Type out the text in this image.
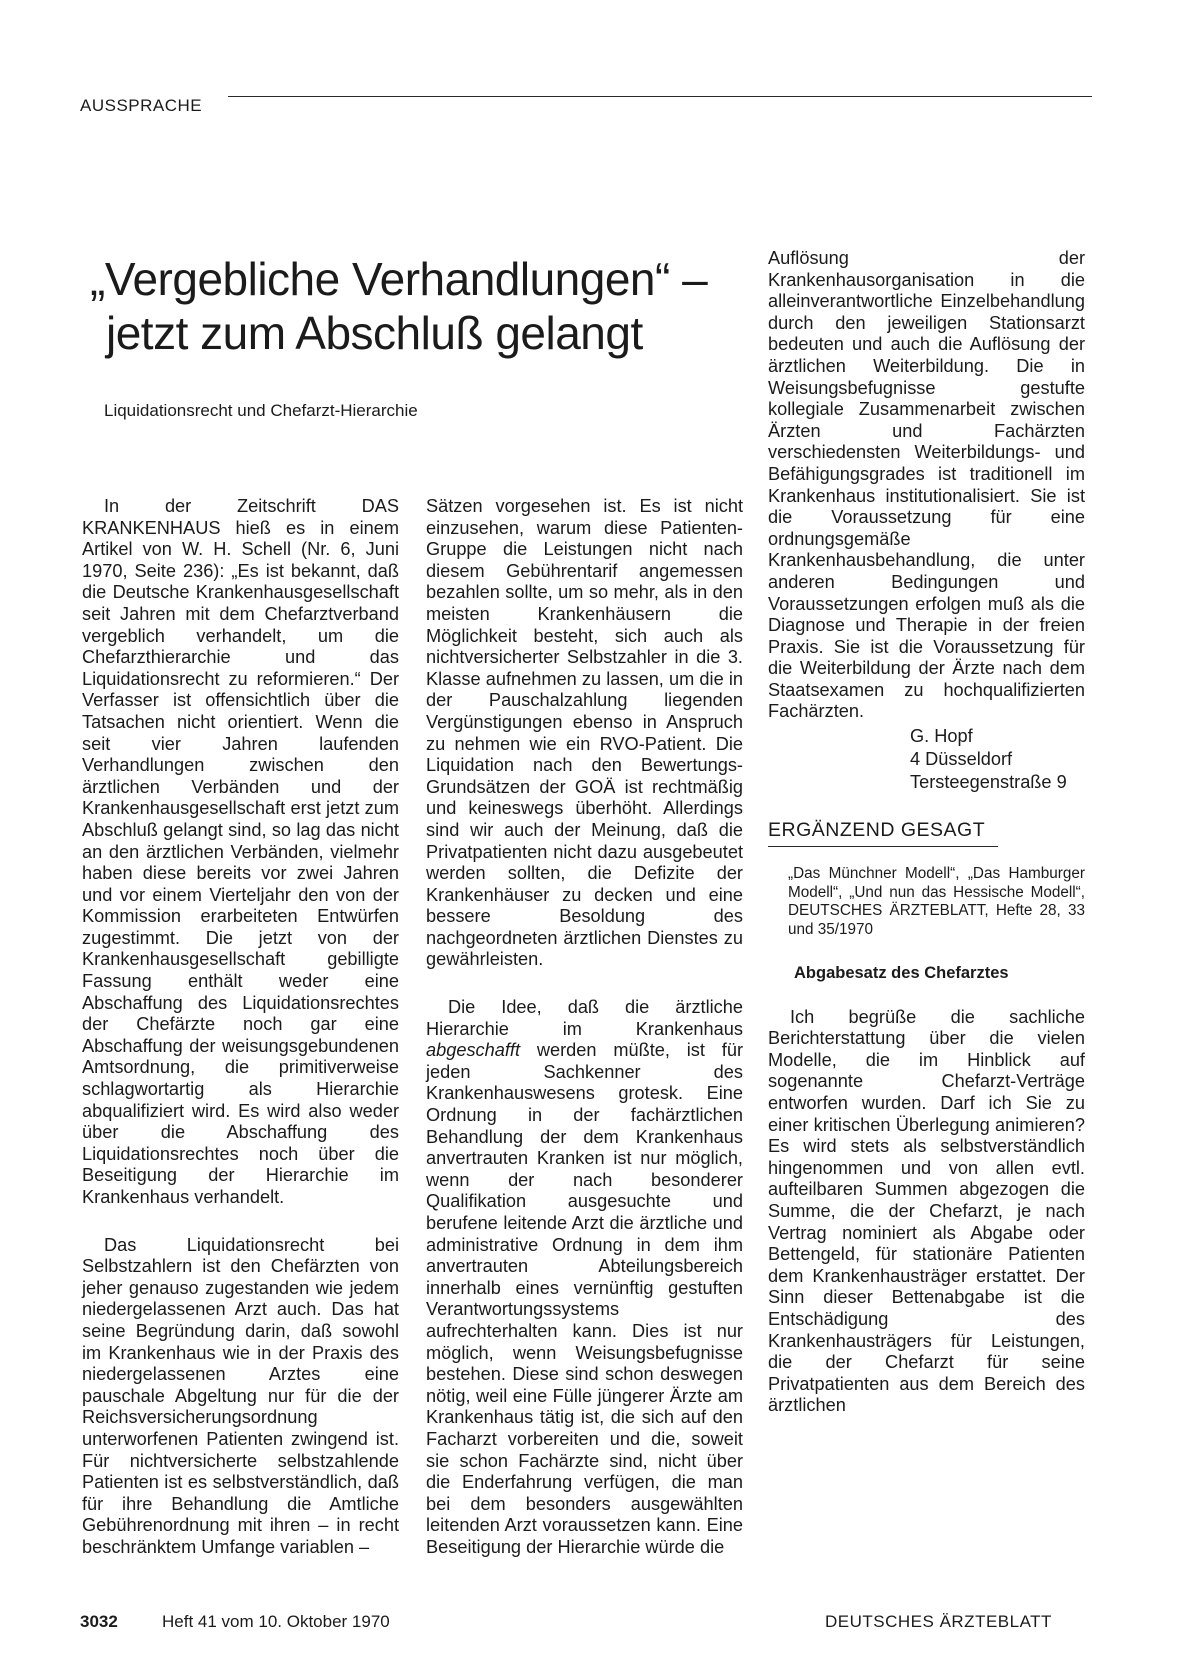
AUSSPRACHE
„Vergebliche Verhandlungen“ –
jetzt zum Abschluß gelangt
Liquidationsrecht und Chefarzt-Hierarchie

In der Zeitschrift DAS KRANKENHAUS hieß es in einem Artikel von W. H. Schell (Nr. 6, Juni 1970, Seite 236): „Es ist bekannt, daß die Deutsche Krankenhausgesellschaft seit Jahren mit dem Chefarztverband vergeblich verhandelt, um die Chefarzthierarchie und das Liquidationsrecht zu reformieren.“ Der Verfasser ist offensichtlich über die Tatsachen nicht orientiert. Wenn die seit vier Jahren laufenden Verhandlungen zwischen den ärztlichen Verbänden und der Krankenhausgesellschaft erst jetzt zum Abschluß gelangt sind, so lag das nicht an den ärztlichen Verbänden, vielmehr haben diese bereits vor zwei Jahren und vor einem Vierteljahr den von der Kommission erarbeiteten Entwürfen zugestimmt. Die jetzt von der Krankenhausgesellschaft gebilligte Fassung enthält weder eine Abschaffung des Liquidationsrechtes der Chefärzte noch gar eine Abschaffung der weisungsgebundenen Amtsordnung, die primitiverweise schlagwortartig als Hierarchie abqualifiziert wird. Es wird also weder über die Abschaffung des Liquidationsrechtes noch über die Beseitigung der Hierarchie im Krankenhaus verhandelt.

Das Liquidationsrecht bei Selbstzahlern ist den Chefärzten von jeher genauso zugestanden wie jedem niedergelassenen Arzt auch. Das hat seine Begründung darin, daß sowohl im Krankenhaus wie in der Praxis des niedergelassenen Arztes eine pauschale Abgeltung nur für die der Reichsversicherungsordnung unterworfenen Patienten zwingend ist. Für nichtversicherte selbstzahlende Patienten ist es selbstverständlich, daß für ihre Behandlung die Amtliche Gebührenordnung mit ihren – in recht beschränktem Umfange variablen –

Sätzen vorgesehen ist. Es ist nicht einzusehen, warum diese Patienten-Gruppe die Leistungen nicht nach diesem Gebührentarif angemessen bezahlen sollte, um so mehr, als in den meisten Krankenhäusern die Möglichkeit besteht, sich auch als nichtversicherter Selbstzahler in die 3. Klasse aufnehmen zu lassen, um die in der Pauschalzahlung liegenden Vergünstigungen ebenso in Anspruch zu nehmen wie ein RVO-Patient. Die Liquidation nach den Bewertungs-Grundsätzen der GOÄ ist rechtmäßig und keineswegs überhöht. Allerdings sind wir auch der Meinung, daß die Privatpatienten nicht dazu ausgebeutet werden sollten, die Defizite der Krankenhäuser zu decken und eine bessere Besoldung des nachgeordneten ärztlichen Dienstes zu gewährleisten.

Die Idee, daß die ärztliche Hierarchie im Krankenhaus abgeschafft werden müßte, ist für jeden Sachkenner des Krankenhauswesens grotesk. Eine Ordnung in der fachärztlichen Behandlung der dem Krankenhaus anvertrauten Kranken ist nur möglich, wenn der nach besonderer Qualifikation ausgesuchte und berufene leitende Arzt die ärztliche und administrative Ordnung in dem ihm anvertrauten Abteilungsbereich innerhalb eines vernünftig gestuften Verantwortungssystems aufrechterhalten kann. Dies ist nur möglich, wenn Weisungsbefugnisse bestehen. Diese sind schon deswegen nötig, weil eine Fülle jüngerer Ärzte am Krankenhaus tätig ist, die sich auf den Facharzt vorbereiten und die, soweit sie schon Fachärzte sind, nicht über die Enderfahrung verfügen, die man bei dem besonders ausgewählten leitenden Arzt voraussetzen kann. Eine Beseitigung der Hierarchie würde die

Auflösung der Krankenhausorganisation in die alleinverantwortliche Einzelbehandlung durch den jeweiligen Stationsarzt bedeuten und auch die Auflösung der ärztlichen Weiterbildung. Die in Weisungsbefugnisse gestufte kollegiale Zusammenarbeit zwischen Ärzten und Fachärzten verschiedensten Weiterbildungs- und Befähigungsgrades ist traditionell im Krankenhaus institutionalisiert. Sie ist die Voraussetzung für eine ordnungsgemäße Krankenhausbehandlung, die unter anderen Bedingungen und Voraussetzungen erfolgen muß als die Diagnose und Therapie in der freien Praxis. Sie ist die Voraussetzung für die Weiterbildung der Ärzte nach dem Staatsexamen zu hochqualifizierten Fachärzten.

G. Hopf
4 Düsseldorf
Tersteegenstraße 9
ERGÄNZEND GESAGT

„Das Münchner Modell“, „Das Hamburger Modell“, „Und nun das Hessische Modell“, DEUTSCHES ÄRZTEBLATT, Hefte 28, 33 und 35/1970

Abgabesatz des Chefarztes

Ich begrüße die sachliche Berichterstattung über die vielen Modelle, die im Hinblick auf sogenannte Chefarzt-Verträge entworfen wurden. Darf ich Sie zu einer kritischen Überlegung animieren? Es wird stets als selbstverständlich hingenommen und von allen evtl. aufteilbaren Summen abgezogen die Summe, die der Chefarzt, je nach Vertrag nominiert als Abgabe oder Bettengeld, für stationäre Patienten dem Krankenhausträger erstattet. Der Sinn dieser Bettenabgabe ist die Entschädigung des Krankenhausträgers für Leistungen, die der Chefarzt für seine Privatpatienten aus dem Bereich des ärztlichen

3032	Heft 41 vom 10. Oktober 1970	DEUTSCHES ÄRZTEBLATT
